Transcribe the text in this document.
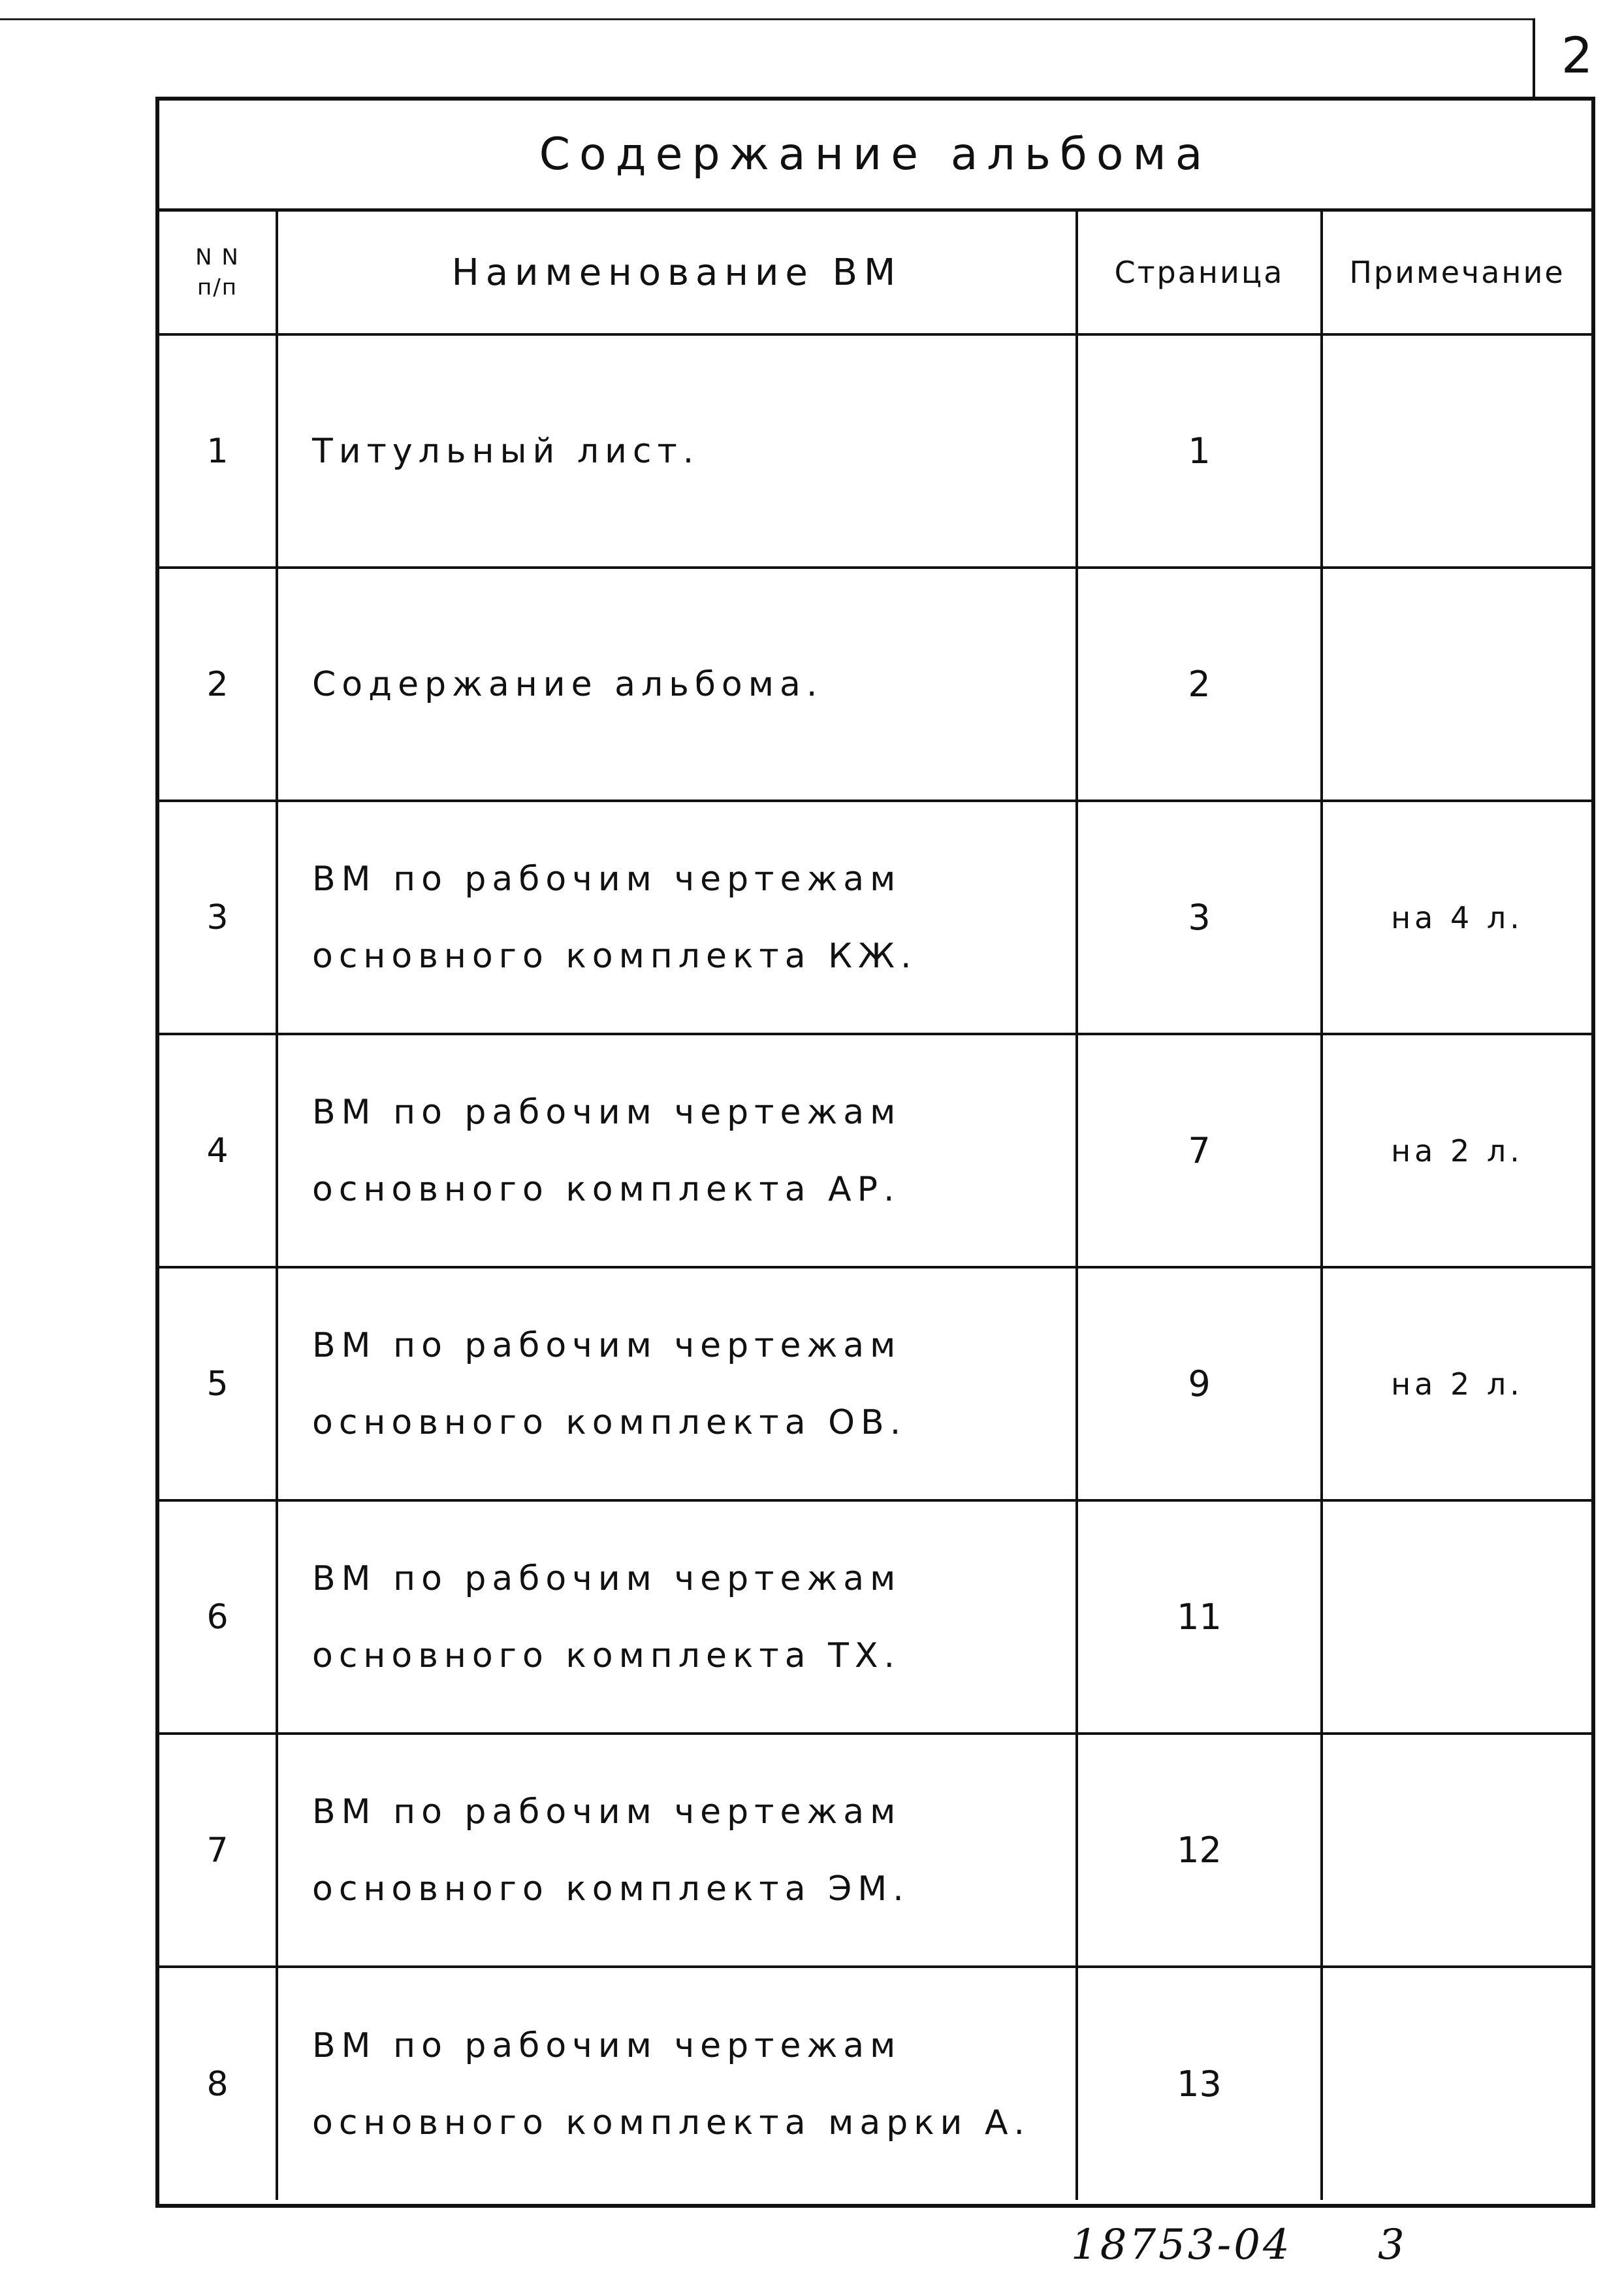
2
Содержание альбома
N N
п/п	Наименование ВМ	Страница	Примечание
1	Титульный лист.	1	
2	Содержание альбома.	2	
3	ВМ по рабочим чертежам
основного комплекта КЖ.	3	на 4 л.
4	ВМ по рабочим чертежам
основного комплекта АР.	7	на 2 л.
5	ВМ по рабочим чертежам
основного комплекта ОВ.	9	на 2 л.
6	ВМ по рабочим чертежам
основного комплекта ТХ.	11	
7	ВМ по рабочим чертежам
основного комплекта ЭМ.	12	
8	ВМ по рабочим чертежам
основного комплекта марки А.	13	
18753-04 3
